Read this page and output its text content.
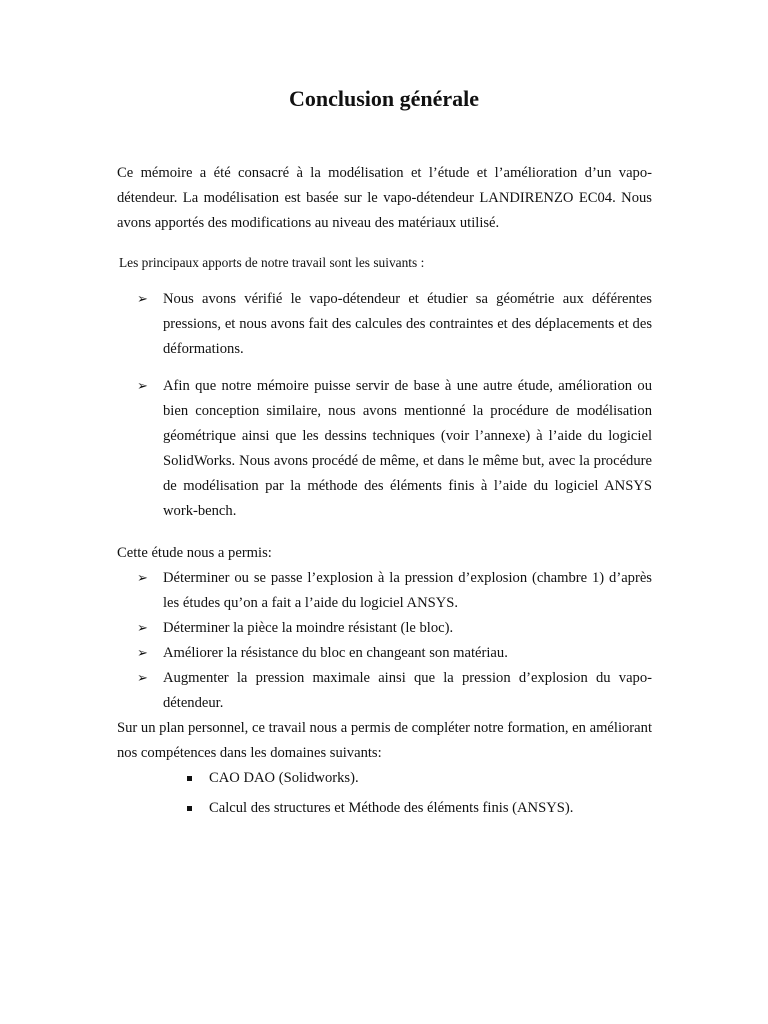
Conclusion générale

Ce mémoire a été consacré à la modélisation et l’étude et l’amélioration d’un vapo-détendeur. La modélisation est basée sur le vapo-détendeur LANDIRENZO EC04. Nous avons apportés des modifications au niveau des matériaux utilisé.

Les principaux apports de notre travail sont les suivants :

➢ Nous avons vérifié le vapo-détendeur et étudier sa géométrie aux déférentes pressions, et nous avons fait des calcules des contraintes et des déplacements et des déformations.
➢ Afin que notre mémoire puisse servir de base à une autre étude, amélioration ou bien conception similaire, nous avons mentionné la procédure de modélisation géométrique ainsi que les dessins techniques (voir l’annexe) à l’aide du logiciel SolidWorks. Nous avons procédé de même, et dans le même but, avec la procédure de modélisation par la méthode des éléments finis à l’aide du logiciel ANSYS work-bench.

Cette étude nous a permis:

➢ Déterminer ou se passe l’explosion à la pression d’explosion (chambre 1) d’après les études qu’on a fait a l’aide du logiciel ANSYS.
➢ Déterminer la pièce la moindre résistant (le bloc).
➢ Améliorer la résistance du bloc en changeant son matériau.
➢ Augmenter la pression maximale ainsi que la pression d’explosion du vapo-détendeur.

Sur un plan personnel, ce travail nous a permis de compléter notre formation, en améliorant nos compétences dans les domaines suivants:

CAO DAO (Solidworks).
Calcul des structures et Méthode des éléments finis (ANSYS).
